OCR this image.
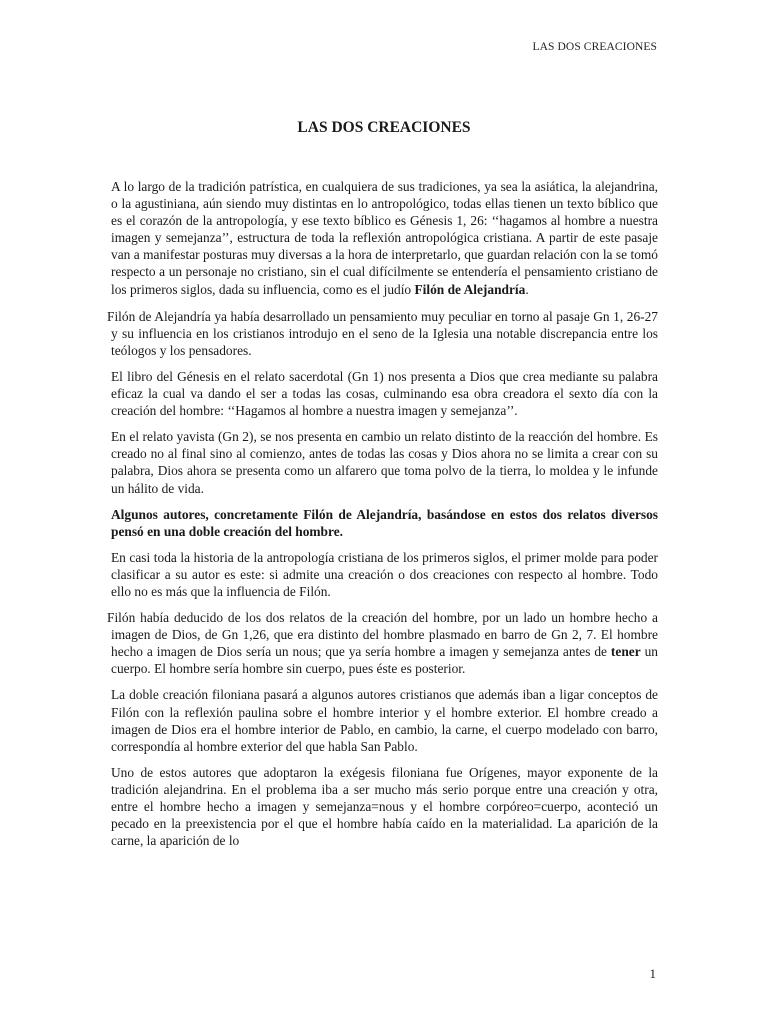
LAS DOS CREACIONES
LAS DOS CREACIONES

A lo largo de la tradición patrística, en cualquiera de sus tradiciones, ya sea la asiática, la alejandrina, o la agustiniana, aún siendo muy distintas en lo antropológico, todas ellas tienen un texto bíblico que es el corazón de la antropología, y ese texto bíblico es Génesis 1, 26: ‘‘hagamos al hombre a nuestra imagen y semejanza’’, estructura de toda la reflexión antropológica cristiana. A partir de este pasaje van a manifestar posturas muy diversas a la hora de interpretarlo, que guardan relación con la se tomó respecto a un personaje no cristiano, sin el cual difícilmente se entendería el pensamiento cristiano de los primeros siglos, dada su influencia, como es el judío Filón de Alejandría.

Filón de Alejandría ya había desarrollado un pensamiento muy peculiar en torno al pasaje Gn 1, 26-27 y su influencia en los cristianos introdujo en el seno de la Iglesia una notable discrepancia entre los teólogos y los pensadores.

El libro del Génesis en el relato sacerdotal (Gn 1) nos presenta a Dios que crea mediante su palabra eficaz la cual va dando el ser a todas las cosas, culminando esa obra creadora el sexto día con la creación del hombre: ‘‘Hagamos al hombre a nuestra imagen y semejanza’’.

En el relato yavista (Gn 2), se nos presenta en cambio un relato distinto de la reacción del hombre. Es creado no al final sino al comienzo, antes de todas las cosas y Dios ahora no se limita a crear con su palabra, Dios ahora se presenta como un alfarero que toma polvo de la tierra, lo moldea y le infunde un hálito de vida.

Algunos autores, concretamente Filón de Alejandría, basándose en estos dos relatos diversos pensó en una doble creación del hombre.

En casi toda la historia de la antropología cristiana de los primeros siglos, el primer molde para poder clasificar a su autor es este: si admite una creación o dos creaciones con respecto al hombre. Todo ello no es más que la influencia de Filón.

Filón había deducido de los dos relatos de la creación del hombre, por un lado un hombre hecho a imagen de Dios, de Gn 1,26, que era distinto del hombre plasmado en barro de Gn 2, 7. El hombre hecho a imagen de Dios sería un nous; que ya sería hombre a imagen y semejanza antes de tener un cuerpo. El hombre sería hombre sin cuerpo, pues éste es posterior.

La doble creación filoniana pasará a algunos autores cristianos que además iban a ligar conceptos de Filón con la reflexión paulina sobre el hombre interior y el hombre exterior. El hombre creado a imagen de Dios era el hombre interior de Pablo, en cambio, la carne, el cuerpo modelado con barro, correspondía al hombre exterior del que habla San Pablo.

Uno de estos autores que adoptaron la exégesis filoniana fue Orígenes, mayor exponente de la tradición alejandrina. En el problema iba a ser mucho más serio porque entre una creación y otra, entre el hombre hecho a imagen y semejanza=nous y el hombre corpóreo=cuerpo, aconteció un pecado en la preexistencia por el que el hombre había caído en la materialidad. La aparición de la carne, la aparición de lo

1
